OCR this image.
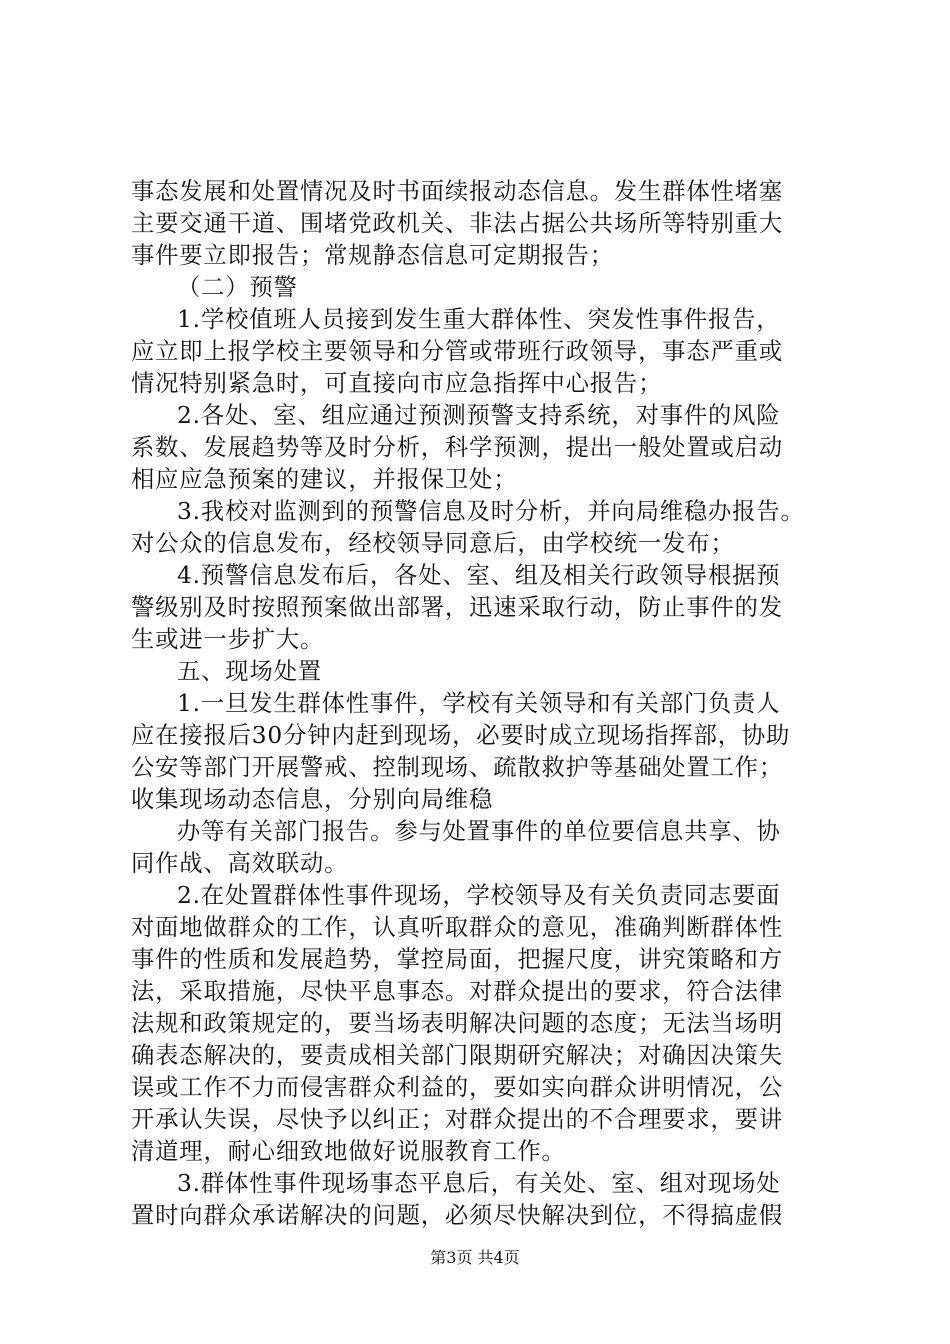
事态发展和处置情况及时书面续报动态信息。发生群体性堵塞
主要交通干道、围堵党政机关、非法占据公共场所等特别重大
事件要立即报告；常规静态信息可定期报告；
（二）预警
1.学校值班人员接到发生重大群体性、突发性事件报告，
应立即上报学校主要领导和分管或带班行政领导，事态严重或
情况特别紧急时，可直接向市应急指挥中心报告；
2.各处、室、组应通过预测预警支持系统，对事件的风险
系数、发展趋势等及时分析，科学预测，提出一般处置或启动
相应应急预案的建议，并报保卫处；
3.我校对监测到的预警信息及时分析，并向局维稳办报告。
对公众的信息发布，经校领导同意后，由学校统一发布；
4.预警信息发布后，各处、室、组及相关行政领导根据预
警级别及时按照预案做出部署，迅速采取行动，防止事件的发
生或进一步扩大。
五、现场处置
1.一旦发生群体性事件，学校有关领导和有关部门负责人
应在接报后30分钟内赶到现场，必要时成立现场指挥部，协助
公安等部门开展警戒、控制现场、疏散救护等基础处置工作；
收集现场动态信息，分别向局维稳
办等有关部门报告。参与处置事件的单位要信息共享、协
同作战、高效联动。
2.在处置群体性事件现场，学校领导及有关负责同志要面
对面地做群众的工作，认真听取群众的意见，准确判断群体性
事件的性质和发展趋势，掌控局面，把握尺度，讲究策略和方
法，采取措施，尽快平息事态。对群众提出的要求，符合法律
法规和政策规定的，要当场表明解决问题的态度；无法当场明
确表态解决的，要责成相关部门限期研究解决；对确因决策失
误或工作不力而侵害群众利益的，要如实向群众讲明情况，公
开承认失误，尽快予以纠正；对群众提出的不合理要求，要讲
清道理，耐心细致地做好说服教育工作。
3.群体性事件现场事态平息后，有关处、室、组对现场处
置时向群众承诺解决的问题，必须尽快解决到位，不得搞虚假
第3页 共4页
